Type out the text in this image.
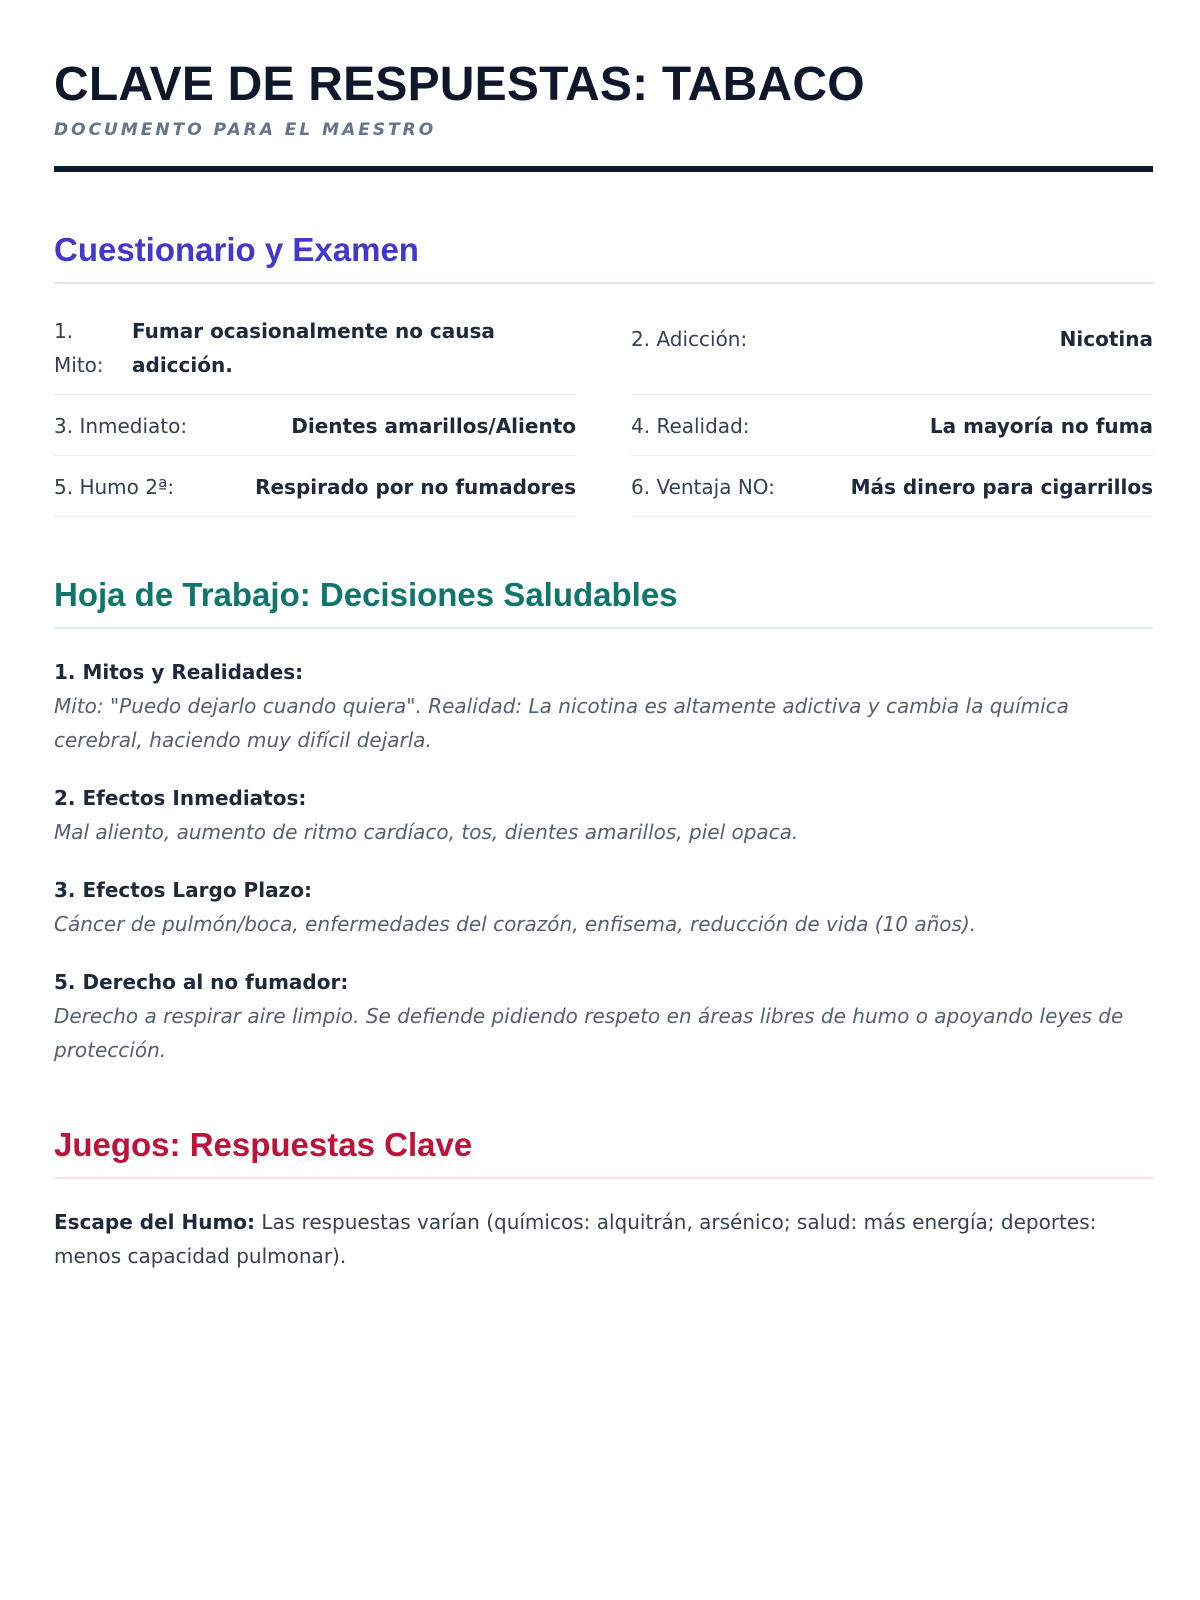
CLAVE DE RESPUESTAS: TABACO
DOCUMENTO PARA EL MAESTRO
Cuestionario y Examen
1. Mito:
Fumar ocasionalmente no causa adicción.
2. Adicción:	Nicotina
3. Inmediato:	Dientes amarillos/Aliento	4. Realidad:	La mayoría no fuma
5. Humo 2ª:	Respirado por no fumadores	6. Ventaja NO:	Más dinero para cigarrillos
Hoja de Trabajo: Decisiones Saludables
1. Mitos y Realidades:
Mito: "Puedo dejarlo cuando quiera". Realidad: La nicotina es altamente adictiva y cambia la química cerebral, haciendo muy difícil dejarla.
2. Efectos Inmediatos:
Mal aliento, aumento de ritmo cardíaco, tos, dientes amarillos, piel opaca.
3. Efectos Largo Plazo:
Cáncer de pulmón/boca, enfermedades del corazón, enfisema, reducción de vida (10 años).
5. Derecho al no fumador:
Derecho a respirar aire limpio. Se defiende pidiendo respeto en áreas libres de humo o apoyando leyes de protección.
Juegos: Respuestas Clave

Escape del Humo: Las respuestas varían (químicos: alquitrán, arsénico; salud: más energía; deportes: menos capacidad pulmonar).
